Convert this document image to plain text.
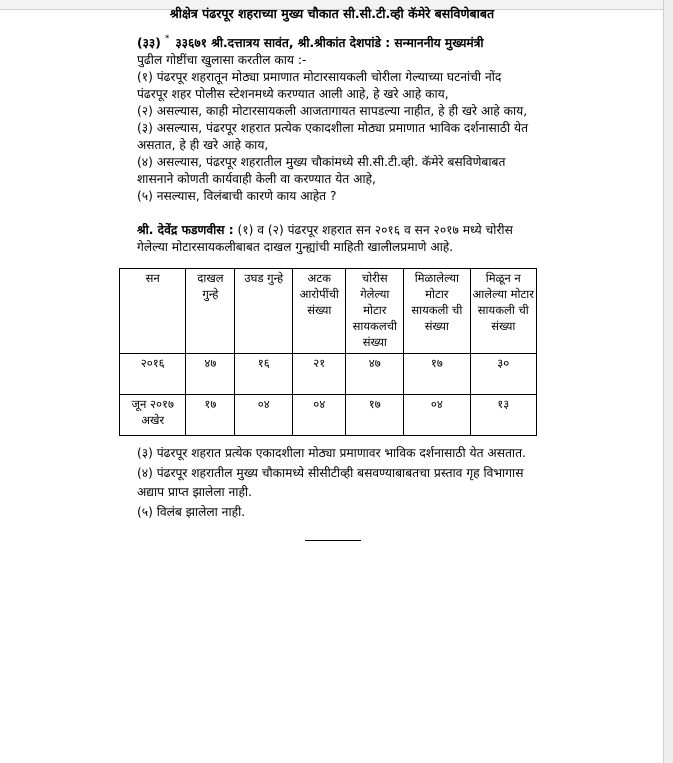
श्रीक्षेत्र पंढरपूर शहराच्या मुख्य चौकात सी.सी.टी.व्ही कॅमेरे बसविणेबाबत

(३३) * ३३६७१ श्री.दत्तात्रय सावंत, श्री.श्रीकांत देशपांडे : सन्माननीय मुख्यमंत्री

पुढील गोष्टींचा खुलासा करतील काय :-

(१) पंढरपूर शहरातून मोठ्या प्रमाणात मोटारसायकली चोरीला गेल्याच्या घटनांची नोंद पंढरपूर शहर पोलीस स्टेशनमध्ये करण्यात आली आहे, हे खरे आहे काय,

(२) असल्यास, काही मोटारसायकली आजतागायत सापडल्या नाहीत, हे ही खरे आहे काय,

(३) असल्यास, पंढरपूर शहरात प्रत्येक एकादशीला मोठ्या प्रमाणात भाविक दर्शनासाठी येत असतात, हे ही खरे आहे काय,

(४) असल्यास, पंढरपूर शहरातील मुख्य चौकांमध्ये सी.सी.टी.व्ही. कॅमेरे बसविणेबाबत शासनाने कोणती कार्यवाही केली वा करण्यात येत आहे,

(५) नसल्यास, विलंबाची कारणे काय आहेत ?

श्री. देवेंद्र फडणवीस : (१) व (२) पंढरपूर शहरात सन २०१६ व सन २०१७ मध्ये चोरीस गेलेल्या मोटारसायकलीबाबत दाखल गुन्ह्यांची माहिती खालीलप्रमाणे आहे.

सन	दाखल गुन्हे	उघड गुन्हे	अटक आरोपींची संख्या	चोरीस गेलेल्या मोटार सायकलची संख्या	मिळालेल्या मोटार सायकली ची संख्या	मिळून न आलेल्या मोटार सायकली ची संख्या
२०१६	४७	१६	२१	४७	१७	३०
जून २०१७ अखेर	१७	०४	०४	१७	०४	१३

(३) पंढरपूर शहरात प्रत्येक एकादशीला मोठ्या प्रमाणावर भाविक दर्शनासाठी येत असतात.

(४) पंढरपूर शहरातील मुख्य चौकामध्ये सीसीटीव्ही बसवण्याबाबतचा प्रस्ताव गृह विभागास अद्याप प्राप्त झालेला नाही.

(५) विलंब झालेला नाही.
